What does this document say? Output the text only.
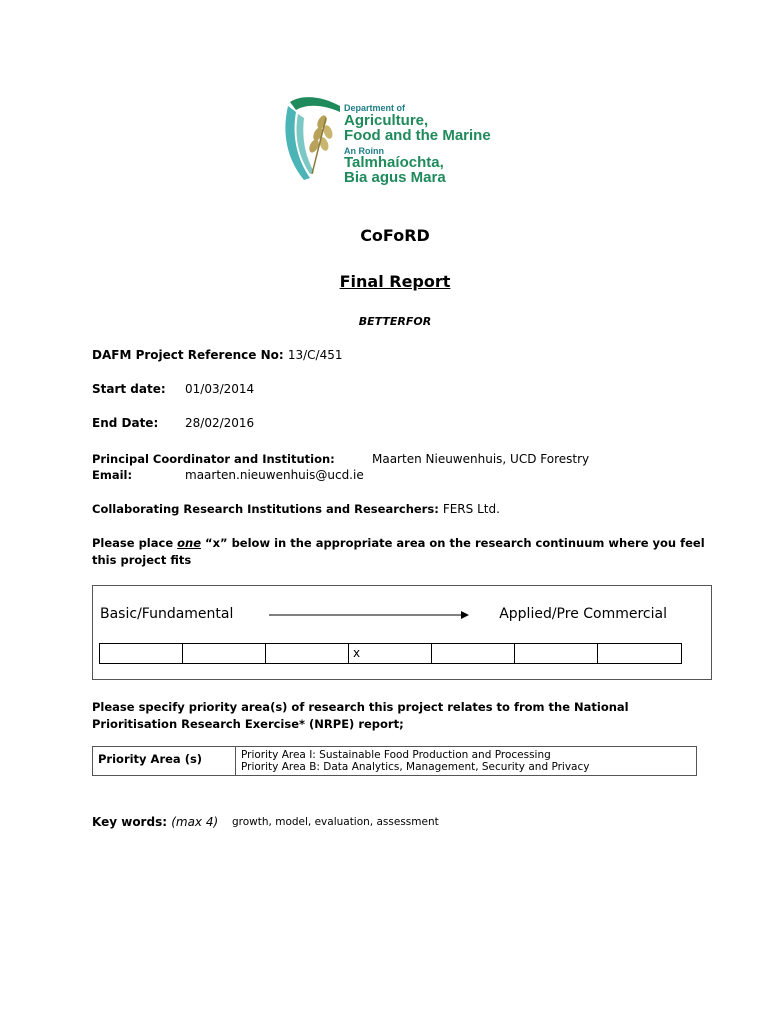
Department of
Agriculture,
Food and the Marine
An Roinn
Talmhaíochta,
Bia agus Mara
CoFoRD
Final Report
BETTERFOR
DAFM Project Reference No: 13/C/451
Start date: 01/03/2014
End Date: 28/02/2016
Principal Coordinator and Institution:	Maarten Nieuwenhuis, UCD Forestry
Email:	maarten.nieuwenhuis@ucd.ie
Collaborating Research Institutions and Researchers: FERS Ltd.
Please place one “x” below in the appropriate area on the research continuum where you feel
this project fits
Basic/Fundamental	Applied/Pre Commercial
x
Please specify priority area(s) of research this project relates to from the National
Prioritisation Research Exercise* (NRPE) report;
Priority Area (s)	Priority Area I: Sustainable Food Production and Processing
Priority Area B: Data Analytics, Management, Security and Privacy
Key words: (max 4) growth, model, evaluation, assessment
